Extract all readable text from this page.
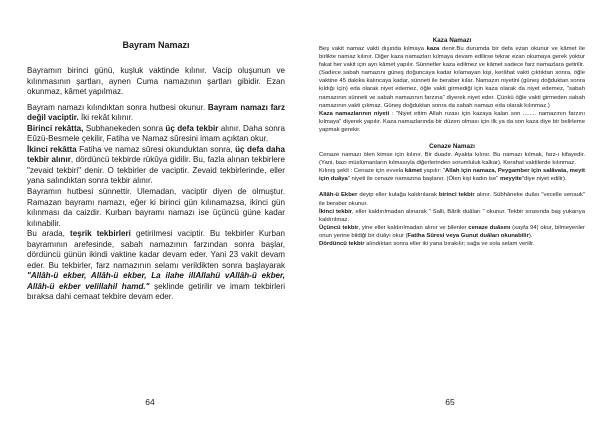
Bayram Namazı

Bayramın birinci günü, kuşluk vaktinde kılınır. Vacip oluşunun ve kılınmasının şartları, aynen Cuma namazının şartları gibidir. Ezan okunmaz, kâmet yapılmaz.

Bayram namazı kılındıktan sonra hutbesi okunur. Bayram namazı farz değil vaciptir. İki rekât kılınır.

Birinci rekâtta, Subhanekeden sonra üç defa tekbir alınır. Daha sonra Eûzü-Besmele çekilir, Fatiha ve Namaz sûresini imam açıktan okur.

İkinci rekâtta Fatiha ve namaz sûresi okunduktan sonra, üç defa daha tekbir alınır, dördüncü tekbirde rükûya gidilir. Bu, fazla alınan tekbirlere "zevaid tekbiri" denir. O tekbirler de vaciptir. Zevaid tekbirlerinde, eller yana salındıktan sonra tekbir alınır.

Bayramın hutbesi sünnettir. Ulemadan, vaciptir diyen de olmuştur. Ramazan bayramı namazı, eğer ki birinci gün kılınamazsa, ikinci gün kılınması da caizdir. Kurban bayramı namazı ise üçüncü güne kadar kılınabilir.

Bu arada, teşrik tekbirleri getirilmesi vaciptir. Bu tekbirler Kurban bayramının arefesinde, sabah namazının farzından sonra başlar, dördüncü günün ikindi vaktine kadar devam eder. Yani 23 vakit devam eder. Bu tekbirler, farz namazının selamı verildikten sonra başlayarak "Allâh-ü ekber, Allâh-ü ekber, La ilahe illAllahü vAllâh-ü ekber, Allâh-ü ekber velillahil hamd." şeklinde getirilir ve imam tekbirleri bıraksa dahi cemaat tekbire devam eder.

64
Kaza Namazı

Beş vakit namaz vakti dışında kılmaya kaza denir.Bu durumda bir defa ezan okunur ve kâmet ile birlikte namaz kılınır. Diğer kaza namazları kılmaya devam edilirse tekrar ezan okumaya gerek yoktur fakat her vakit için ayrı kâmet yapılır. Sünnetler kaza edilmez ve kâmet sadece farz namazlara getirilir.

(Sadece sabah namazını güneş doğuncaya kadar kılamayan kişi, kerâhat vakti çıktıktan sonra, öğle vaktine 45 dakika kalıncaya kadar, sünneti ile beraber kılar. Namazın niyetini (güneş doğduktan sonra kıldığı için) eda olarak niyet edemez, öğle vakti girmediği için kaza olarak da niyet edemez, "sabah namazının sünneti ve sabah namazının farzına" diyerek niyet eder. Çünkü öğle vakti girmeden sabah namazının vakti çıkmaz. Güneş doğduktan sonra da sabah namazı eda olarak kılınmaz.)

Kaza namazlarının niyeti : "Niyet ettim Allah rızası için kazaya kalan son ........ namazının farzını kılmaya" diyerek yapılır. Kaza namazlarında bir düzen olması için ilk ya da son kaza diye bir belirleme yapmak gerekir.

Cenaze Namazı

Cenaze namazı ölen kimse için kılınır. Bir duadır. Ayakta kılınır. Bu namazı kılmak, farz-ı kifayedir. (Yani, bazı müslümanların kılmasıyla diğerlerinden sorumluluk kalkar). Kerahat vaktilerde kılınmaz.

Kılınış şekli : Cenaze için evvela kâmet yapılır: "Allah için namaza, Peygamber için salâvata, meyit için duâya" niyeti ile cenaze namazına başlanır. (Ölen kişi kadın ise" meyyite"diye niyet edilir).

Allâh-ü Ekber deyip eller kulağa kaldırılarak birinci tekbir alınır. Sübhâneke duâsı "vecelle senauk" ile beraber okunur.

İkinci tekbir, eller kaldırılmadan alınarak " Salli, Bârik duâları " okunur. Tekbir sırasında baş yukarıya kaldırılmaz.

Üçüncü tekbir, yine eller kaldırılmadan alınır ve bilenler cenaze duâsını (sayfa 94) okur, bilmeyenler onun yerine bildiği bir duâyı okur (Fatiha Sûresi veya Gunut duâları okunabilir).

Dördüncü tekbir alındıktan sonra eller iki yana bırakılır; sağa ve sola selam verilir.

65
